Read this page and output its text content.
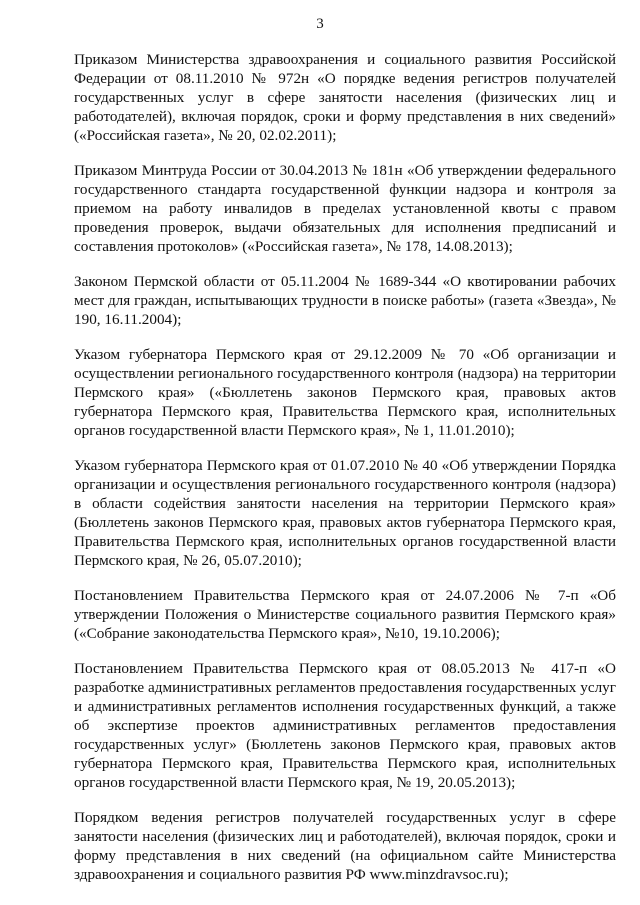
3

Приказом Министерства здравоохранения и социального развития Российской Федерации от 08.11.2010 № 972н «О порядке ведения регистров получателей государственных услуг в сфере занятости населения (физических лиц и работодателей), включая порядок, сроки и форму представления в них сведений» («Российская газета», № 20, 02.02.2011);

Приказом Минтруда России от 30.04.2013 № 181н «Об утверждении федерального государственного стандарта государственной функции надзора и контроля за приемом на работу инвалидов в пределах установленной квоты с правом проведения проверок, выдачи обязательных для исполнения предписаний и составления протоколов» («Российская газета», № 178, 14.08.2013);

Законом Пермской области от 05.11.2004 № 1689-344 «О квотировании рабочих мест для граждан, испытывающих трудности в поиске работы» (газета «Звезда», № 190, 16.11.2004);

Указом губернатора Пермского края от 29.12.2009 № 70 «Об организации и осуществлении регионального государственного контроля (надзора) на территории Пермского края» («Бюллетень законов Пермского края, правовых актов губернатора Пермского края, Правительства Пермского края, исполнительных органов государственной власти Пермского края», № 1, 11.01.2010);

Указом губернатора Пермского края от 01.07.2010 № 40 «Об утверждении Порядка организации и осуществления регионального государственного контроля (надзора) в области содействия занятости населения на территории Пермского края» (Бюллетень законов Пермского края, правовых актов губернатора Пермского края, Правительства Пермского края, исполнительных органов государственной власти Пермского края, № 26, 05.07.2010);

Постановлением Правительства Пермского края от 24.07.2006 № 7-п «Об утверждении Положения о Министерстве социального развития Пермского края» («Собрание законодательства Пермского края», №10, 19.10.2006);

Постановлением Правительства Пермского края от 08.05.2013 № 417-п «О разработке административных регламентов предоставления государственных услуг и административных регламентов исполнения государственных функций, а также об экспертизе проектов административных регламентов предоставления государственных услуг» (Бюллетень законов Пермского края, правовых актов губернатора Пермского края, Правительства Пермского края, исполнительных органов государственной власти Пермского края, № 19, 20.05.2013);

Порядком ведения регистров получателей государственных услуг в сфере занятости населения (физических лиц и работодателей), включая порядок, сроки и форму представления в них сведений (на официальном сайте Министерства здравоохранения и социального развития РФ www.minzdravsoc.ru);
